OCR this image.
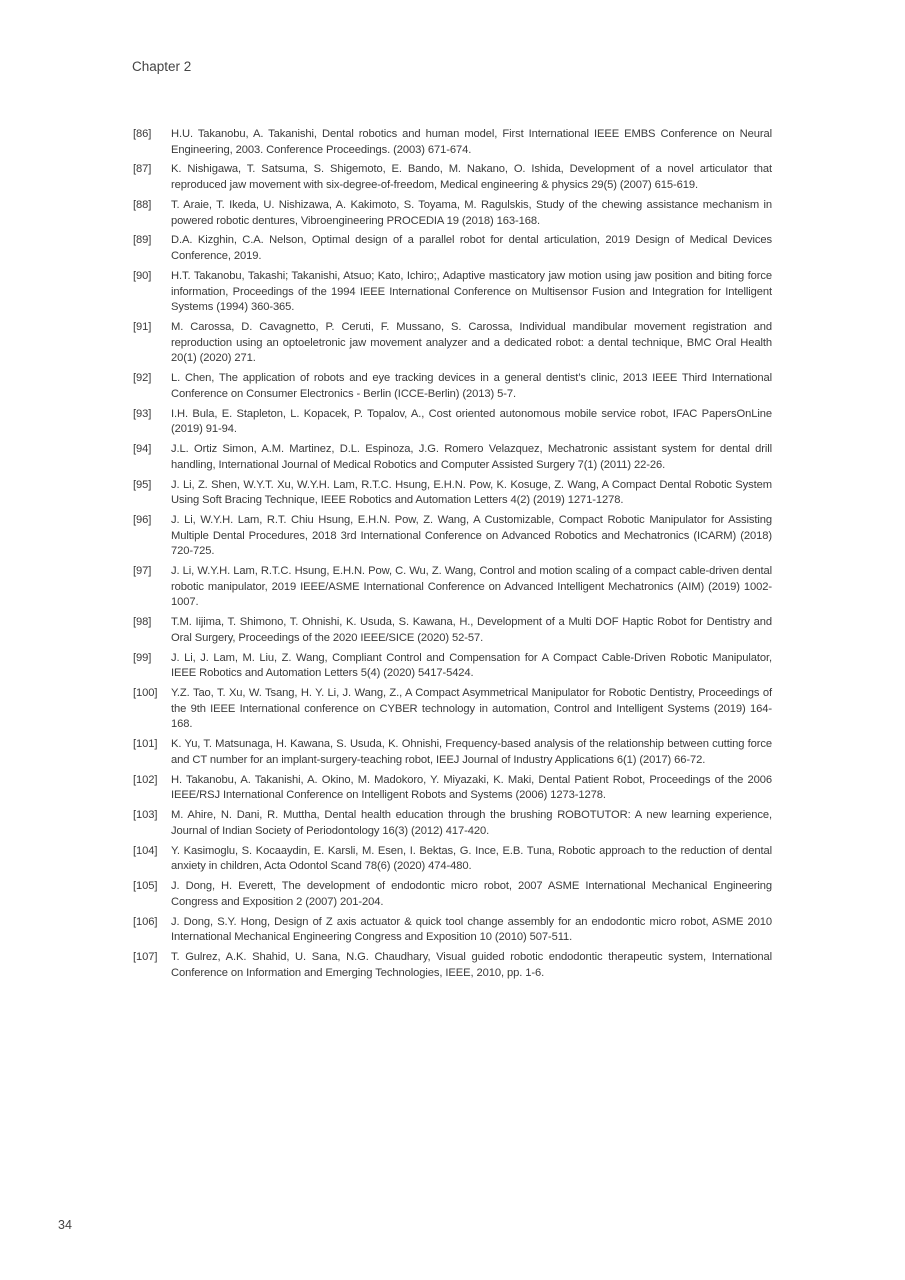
Chapter 2
[86] H.U. Takanobu, A. Takanishi, Dental robotics and human model, First International IEEE EMBS Conference on Neural Engineering, 2003. Conference Proceedings. (2003) 671-674.
[87] K. Nishigawa, T. Satsuma, S. Shigemoto, E. Bando, M. Nakano, O. Ishida, Development of a novel articulator that reproduced jaw movement with six-degree-of-freedom, Medical engineering & physics 29(5) (2007) 615-619.
[88] T. Araie, T. Ikeda, U. Nishizawa, A. Kakimoto, S. Toyama, M. Ragulskis, Study of the chewing assistance mechanism in powered robotic dentures, Vibroengineering PROCEDIA 19 (2018) 163-168.
[89] D.A. Kizghin, C.A. Nelson, Optimal design of a parallel robot for dental articulation, 2019 Design of Medical Devices Conference, 2019.
[90] H.T. Takanobu, Takashi; Takanishi, Atsuo; Kato, Ichiro;, Adaptive masticatory jaw motion using jaw position and biting force information, Proceedings of the 1994 IEEE International Conference on Multisensor Fusion and Integration for Intelligent Systems (1994) 360-365.
[91] M. Carossa, D. Cavagnetto, P. Ceruti, F. Mussano, S. Carossa, Individual mandibular movement registration and reproduction using an optoeletronic jaw movement analyzer and a dedicated robot: a dental technique, BMC Oral Health 20(1) (2020) 271.
[92] L. Chen, The application of robots and eye tracking devices in a general dentist’s clinic, 2013 IEEE Third International Conference on Consumer Electronics - Berlin (ICCE-Berlin) (2013) 5-7.
[93] I.H. Bula, E. Stapleton, L. Kopacek, P. Topalov, A., Cost oriented autonomous mobile service robot, IFAC PapersOnLine (2019) 91-94.
[94] J.L. Ortiz Simon, A.M. Martinez, D.L. Espinoza, J.G. Romero Velazquez, Mechatronic assistant system for dental drill handling, International Journal of Medical Robotics and Computer Assisted Surgery 7(1) (2011) 22-26.
[95] J. Li, Z. Shen, W.Y.T. Xu, W.Y.H. Lam, R.T.C. Hsung, E.H.N. Pow, K. Kosuge, Z. Wang, A Compact Dental Robotic System Using Soft Bracing Technique, IEEE Robotics and Automation Letters 4(2) (2019) 1271-1278.
[96] J. Li, W.Y.H. Lam, R.T. Chiu Hsung, E.H.N. Pow, Z. Wang, A Customizable, Compact Robotic Manipulator for Assisting Multiple Dental Procedures, 2018 3rd International Conference on Advanced Robotics and Mechatronics (ICARM) (2018) 720-725.
[97] J. Li, W.Y.H. Lam, R.T.C. Hsung, E.H.N. Pow, C. Wu, Z. Wang, Control and motion scaling of a compact cable-driven dental robotic manipulator, 2019 IEEE/ASME International Conference on Advanced Intelligent Mechatronics (AIM) (2019) 1002-1007.
[98] T.M. Iijima, T. Shimono, T. Ohnishi, K. Usuda, S. Kawana, H., Development of a Multi DOF Haptic Robot for Dentistry and Oral Surgery, Proceedings of the 2020 IEEE/SICE (2020) 52-57.
[99] J. Li, J. Lam, M. Liu, Z. Wang, Compliant Control and Compensation for A Compact Cable-Driven Robotic Manipulator, IEEE Robotics and Automation Letters 5(4) (2020) 5417-5424.
[100] Y.Z. Tao, T. Xu, W. Tsang, H. Y. Li, J. Wang, Z., A Compact Asymmetrical Manipulator for Robotic Dentistry, Proceedings of the 9th IEEE International conference on CYBER technology in automation, Control and Intelligent Systems (2019) 164-168.
[101] K. Yu, T. Matsunaga, H. Kawana, S. Usuda, K. Ohnishi, Frequency-based analysis of the relationship between cutting force and CT number for an implant-surgery-teaching robot, IEEJ Journal of Industry Applications 6(1) (2017) 66-72.
[102] H. Takanobu, A. Takanishi, A. Okino, M. Madokoro, Y. Miyazaki, K. Maki, Dental Patient Robot, Proceedings of the 2006 IEEE/RSJ International Conference on Intelligent Robots and Systems (2006) 1273-1278.
[103] M. Ahire, N. Dani, R. Muttha, Dental health education through the brushing ROBOTUTOR: A new learning experience, Journal of Indian Society of Periodontology 16(3) (2012) 417-420.
[104] Y. Kasimoglu, S. Kocaaydin, E. Karsli, M. Esen, I. Bektas, G. Ince, E.B. Tuna, Robotic approach to the reduction of dental anxiety in children, Acta Odontol Scand 78(6) (2020) 474-480.
[105] J. Dong, H. Everett, The development of endodontic micro robot, 2007 ASME International Mechanical Engineering Congress and Exposition 2 (2007) 201-204.
[106] J. Dong, S.Y. Hong, Design of Z axis actuator & quick tool change assembly for an endodontic micro robot, ASME 2010 International Mechanical Engineering Congress and Exposition 10 (2010) 507-511.
[107] T. Gulrez, A.K. Shahid, U. Sana, N.G. Chaudhary, Visual guided robotic endodontic therapeutic system, International Conference on Information and Emerging Technologies, IEEE, 2010, pp. 1-6.
34
